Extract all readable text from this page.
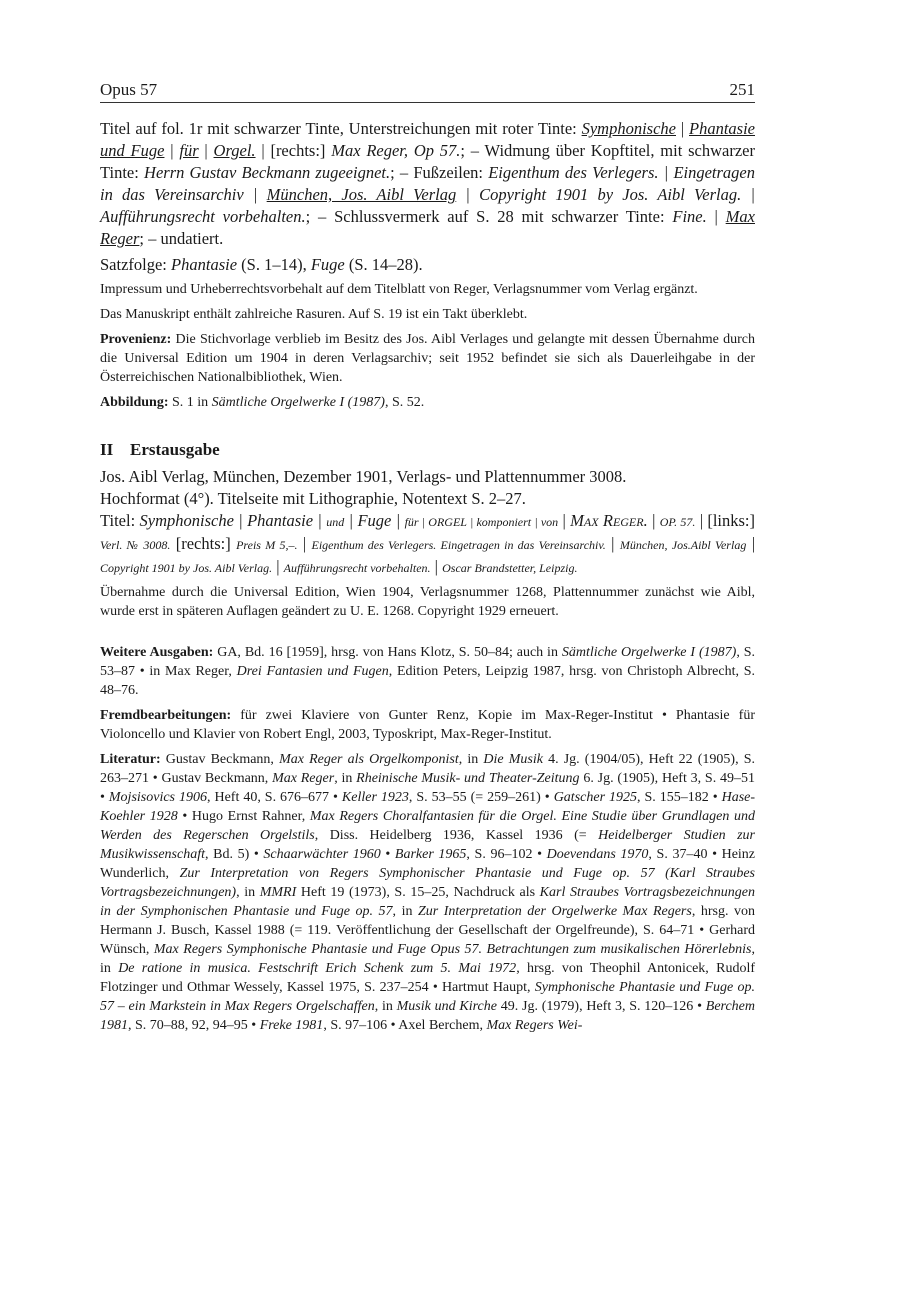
Opus 57	251

Titel auf fol. 1r mit schwarzer Tinte, Unterstreichungen mit roter Tinte: Symphonische | Phantasie und Fuge | für | Orgel. | [rechts:] Max Reger, Op 57.; – Widmung über Kopftitel, mit schwarzer Tinte: Herrn Gustav Beckmann zugeeignet.; – Fußzeilen: Eigenthum des Verlegers. | Eingetragen in das Vereinsarchiv | München, Jos. Aibl Verlag | Copyright 1901 by Jos. Aibl Verlag. | Aufführungsrecht vorbehalten.; – Schlussvermerk auf S. 28 mit schwarzer Tinte: Fine. | Max Reger; – undatiert.

Satzfolge: Phantasie (S. 1–14), Fuge (S. 14–28).

Impressum und Urheberrechtsvorbehalt auf dem Titelblatt von Reger, Verlagsnummer vom Verlag ergänzt.

Das Manuskript enthält zahlreiche Rasuren. Auf S. 19 ist ein Takt überklebt.

Provenienz: Die Stichvorlage verblieb im Besitz des Jos. Aibl Verlages und gelangte mit dessen Übernahme durch die Universal Edition um 1904 in deren Verlagsarchiv; seit 1952 befindet sie sich als Dauerleihgabe in der Österreichischen Nationalbibliothek, Wien.

Abbildung: S. 1 in Sämtliche Orgelwerke I (1987), S. 52.

II Erstausgabe

Jos. Aibl Verlag, München, Dezember 1901, Verlags- und Plattennummer 3008.

Hochformat (4°). Titelseite mit Lithographie, Notentext S. 2–27.

Titel: Symphonische | Phantasie | und | Fuge | für | ORGEL | komponiert | von | Max Reger. | OP. 57. | [links:] Verl. № 3008. [rechts:] Preis M 5,–. | Eigenthum des Verlegers. Eingetragen in das Vereinsarchiv. | München, Jos.Aibl Verlag | Copyright 1901 by Jos. Aibl Verlag. | Aufführungsrecht vorbehalten. | Oscar Brandstetter, Leipzig.

Übernahme durch die Universal Edition, Wien 1904, Verlagsnummer 1268, Plattennummer zunächst wie Aibl, wurde erst in späteren Auflagen geändert zu U. E. 1268. Copyright 1929 erneuert.

Weitere Ausgaben: GA, Bd. 16 [1959], hrsg. von Hans Klotz, S. 50–84; auch in Sämtliche Orgelwerke I (1987), S. 53–87 • in Max Reger, Drei Fantasien und Fugen, Edition Peters, Leipzig 1987, hrsg. von Christoph Albrecht, S. 48–76.

Fremdbearbeitungen: für zwei Klaviere von Gunter Renz, Kopie im Max-Reger-Institut • Phantasie für Violoncello und Klavier von Robert Engl, 2003, Typoskript, Max-Reger-Institut.

Literatur: Gustav Beckmann, Max Reger als Orgelkomponist, in Die Musik 4. Jg. (1904/05), Heft 22 (1905), S. 263–271 • Gustav Beckmann, Max Reger, in Rheinische Musik- und Theater-Zeitung 6. Jg. (1905), Heft 3, S. 49–51 • Mojsisovics 1906, Heft 40, S. 676–677 • Keller 1923, S. 53–55 (= 259–261) • Gatscher 1925, S. 155–182 • Hase-Koehler 1928 • Hugo Ernst Rahner, Max Regers Choralfantasien für die Orgel. Eine Studie über Grundlagen und Werden des Regerschen Orgelstils, Diss. Heidelberg 1936, Kassel 1936 (= Heidelberger Studien zur Musikwissenschaft, Bd. 5) • Schaarwächter 1960 • Barker 1965, S. 96–102 • Doevendans 1970, S. 37–40 • Heinz Wunderlich, Zur Interpretation von Regers Symphonischer Phantasie und Fuge op. 57 (Karl Straubes Vortragsbezeichnungen), in MMRI Heft 19 (1973), S. 15–25, Nachdruck als Karl Straubes Vortragsbezeichnungen in der Symphonischen Phantasie und Fuge op. 57, in Zur Interpretation der Orgelwerke Max Regers, hrsg. von Hermann J. Busch, Kassel 1988 (= 119. Veröffentlichung der Gesellschaft der Orgelfreunde), S. 64–71 • Gerhard Wünsch, Max Regers Symphonische Phantasie und Fuge Opus 57. Betrachtungen zum musikalischen Hörerlebnis, in De ratione in musica. Festschrift Erich Schenk zum 5. Mai 1972, hrsg. von Theophil Antonicek, Rudolf Flotzinger und Othmar Wessely, Kassel 1975, S. 237–254 • Hartmut Haupt, Symphonische Phantasie und Fuge op. 57 – ein Markstein in Max Regers Orgelschaffen, in Musik und Kirche 49. Jg. (1979), Heft 3, S. 120–126 • Berchem 1981, S. 70–88, 92, 94–95 • Freke 1981, S. 97–106 • Axel Berchem, Max Regers Wei-
